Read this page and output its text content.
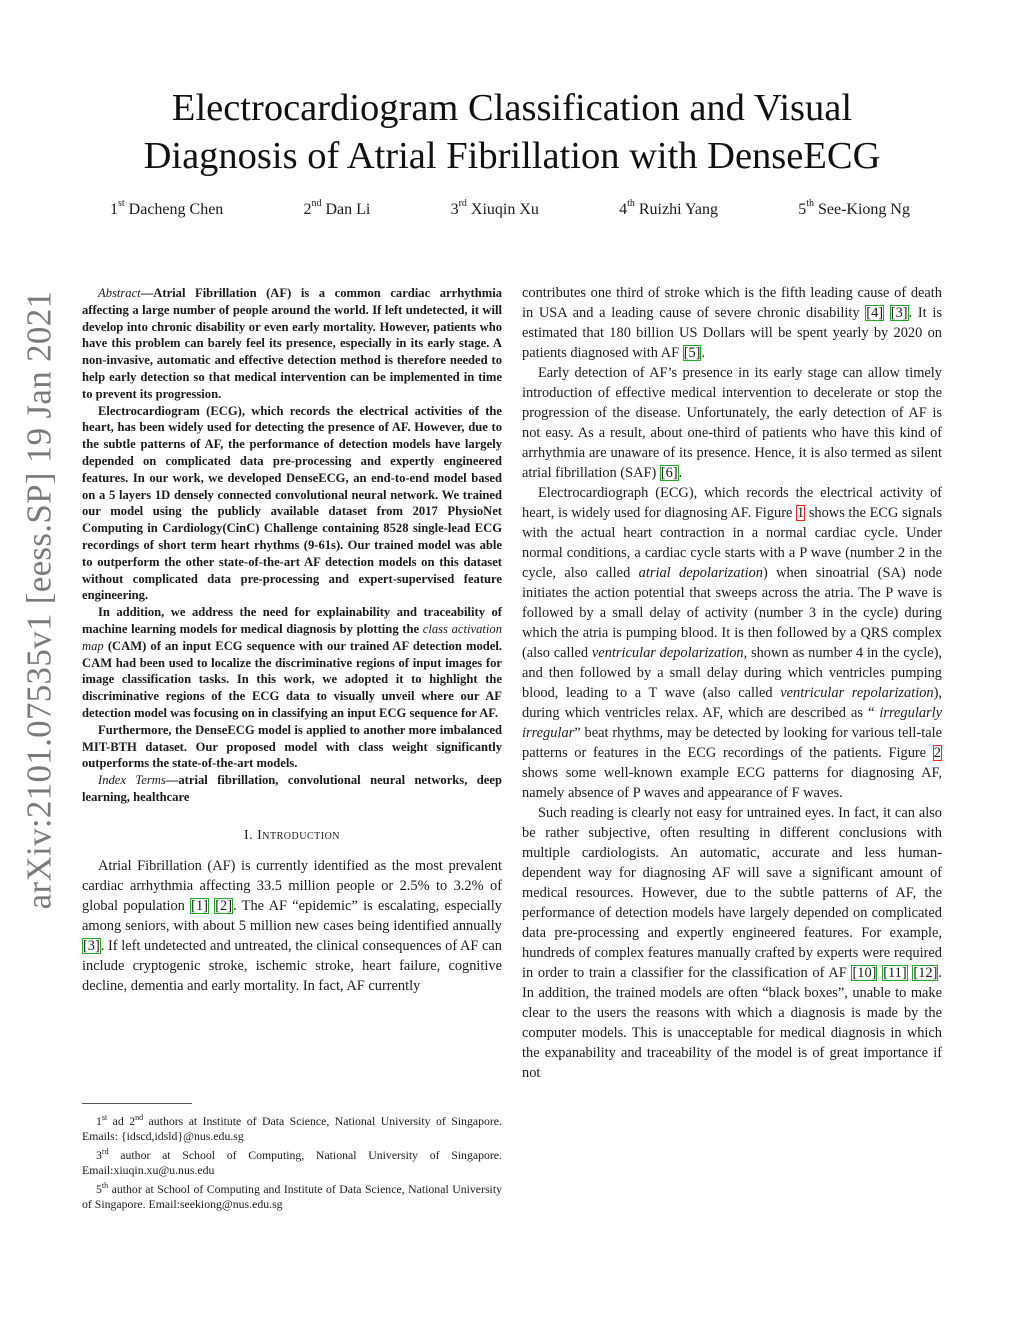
arXiv:2101.07535v1 [eess.SP] 19 Jan 2021
Electrocardiogram Classification and Visual
Diagnosis of Atrial Fibrillation with DenseECG
1st Dacheng Chen	2nd Dan Li	3rd Xiuqin Xu	4th Ruizhi Yang	5th See-Kiong Ng

Abstract—Atrial Fibrillation (AF) is a common cardiac arrhythmia affecting a large number of people around the world. If left undetected, it will develop into chronic disability or even early mortality. However, patients who have this problem can barely feel its presence, especially in its early stage. A non-invasive, automatic and effective detection method is therefore needed to help early detection so that medical intervention can be implemented in time to prevent its progression.

Electrocardiogram (ECG), which records the electrical activities of the heart, has been widely used for detecting the presence of AF. However, due to the subtle patterns of AF, the performance of detection models have largely depended on complicated data pre-processing and expertly engineered features. In our work, we developed DenseECG, an end-to-end model based on a 5 layers 1D densely connected convolutional neural network. We trained our model using the publicly available dataset from 2017 PhysioNet Computing in Cardiology(CinC) Challenge containing 8528 single-lead ECG recordings of short term heart rhythms (9-61s). Our trained model was able to outperform the other state-of-the-art AF detection models on this dataset without complicated data pre-processing and expert-supervised feature engineering.

In addition, we address the need for explainability and traceability of machine learning models for medical diagnosis by plotting the class activation map (CAM) of an input ECG sequence with our trained AF detection model. CAM had been used to localize the discriminative regions of input images for image classification tasks. In this work, we adopted it to highlight the discriminative regions of the ECG data to visually unveil where our AF detection model was focusing on in classifying an input ECG sequence for AF.

Furthermore, the DenseECG model is applied to another more imbalanced MIT-BTH dataset. Our proposed model with class weight significantly outperforms the state-of-the-art models.

Index Terms—atrial fibrillation, convolutional neural networks, deep learning, healthcare

I. Introduction

Atrial Fibrillation (AF) is currently identified as the most prevalent cardiac arrhythmia affecting 33.5 million people or 2.5% to 3.2% of global population [1] [2]. The AF “epidemic” is escalating, especially among seniors, with about 5 million new cases being identified annually [3]. If left undetected and untreated, the clinical consequences of AF can include cryptogenic stroke, ischemic stroke, heart failure, cognitive decline, dementia and early mortality. In fact, AF currently

1st ad 2nd authors at Institute of Data Science, National University of Singapore. Emails: {idscd,idsld}@nus.edu.sg

3rd author at School of Computing, National University of Singapore. Email:xiuqin.xu@u.nus.edu

5th author at School of Computing and Institute of Data Science, National University of Singapore. Email:seekiong@nus.edu.sg

contributes one third of stroke which is the fifth leading cause of death in USA and a leading cause of severe chronic disability [4] [3]. It is estimated that 180 billion US Dollars will be spent yearly by 2020 on patients diagnosed with AF [5].

Early detection of AF’s presence in its early stage can allow timely introduction of effective medical intervention to decelerate or stop the progression of the disease. Unfortunately, the early detection of AF is not easy. As a result, about one-third of patients who have this kind of arrhythmia are unaware of its presence. Hence, it is also termed as silent atrial fibrillation (SAF) [6].

Electrocardiograph (ECG), which records the electrical activity of heart, is widely used for diagnosing AF. Figure 1 shows the ECG signals with the actual heart contraction in a normal cardiac cycle. Under normal conditions, a cardiac cycle starts with a P wave (number 2 in the cycle, also called atrial depolarization) when sinoatrial (SA) node initiates the action potential that sweeps across the atria. The P wave is followed by a small delay of activity (number 3 in the cycle) during which the atria is pumping blood. It is then followed by a QRS complex (also called ventricular depolarization, shown as number 4 in the cycle), and then followed by a small delay during which ventricles pumping blood, leading to a T wave (also called ventricular repolarization), during which ventricles relax. AF, which are described as “ irregularly irregular” beat rhythms, may be detected by looking for various tell-tale patterns or features in the ECG recordings of the patients. Figure 2 shows some well-known example ECG patterns for diagnosing AF, namely absence of P waves and appearance of F waves.

Such reading is clearly not easy for untrained eyes. In fact, it can also be rather subjective, often resulting in different conclusions with multiple cardiologists. An automatic, accurate and less human-dependent way for diagnosing AF will save a significant amount of medical resources. However, due to the subtle patterns of AF, the performance of detection models have largely depended on complicated data pre-processing and expertly engineered features. For example, hundreds of complex features manually crafted by experts were required in order to train a classifier for the classification of AF [10] [11] [12]. In addition, the trained models are often “black boxes”, unable to make clear to the users the reasons with which a diagnosis is made by the computer models. This is unacceptable for medical diagnosis in which the expanability and traceability of the model is of great importance if not
